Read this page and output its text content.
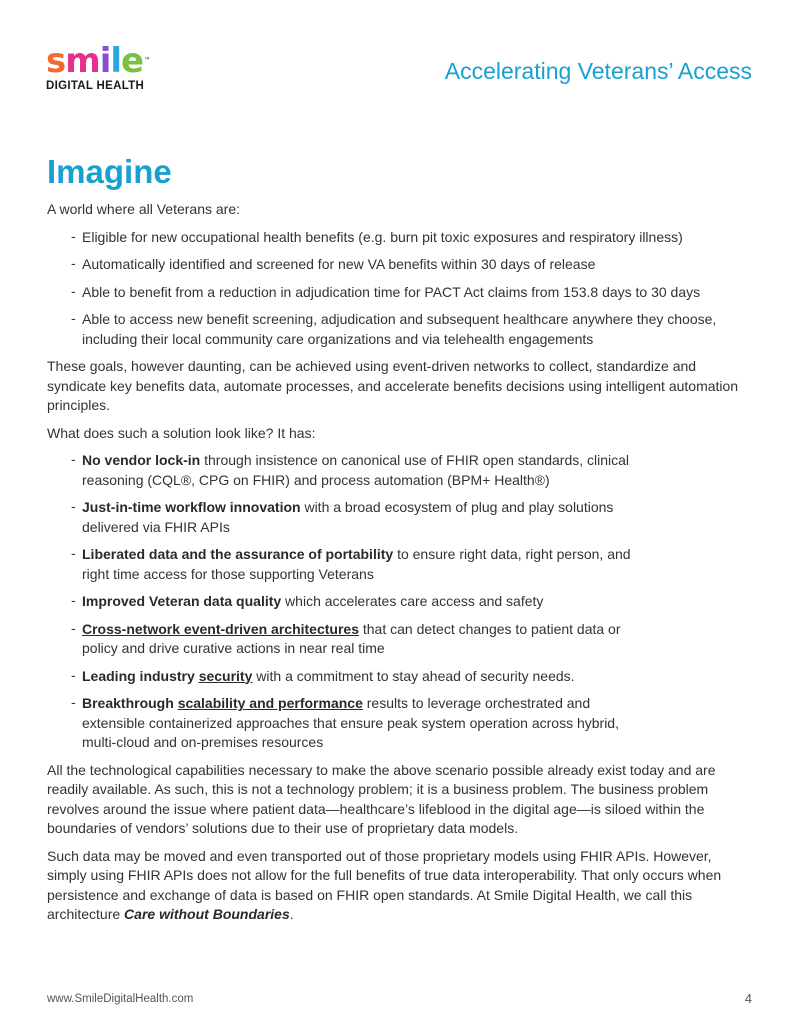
smile™
DIGITAL HEALTH
Accelerating Veterans’ Access
Imagine

A world where all Veterans are:

- Eligible for new occupational health benefits (e.g. burn pit toxic exposures and respiratory illness)
- Automatically identified and screened for new VA benefits within 30 days of release
- Able to benefit from a reduction in adjudication time for PACT Act claims from 153.8 days to 30 days
- Able to access new benefit screening, adjudication and subsequent healthcare anywhere they choose, including their local community care organizations and via telehealth engagements

These goals, however daunting, can be achieved using event-driven networks to collect, standardize and syndicate key benefits data, automate processes, and accelerate benefits decisions using intelligent automation principles.

What does such a solution look like? It has:

- No vendor lock-in through insistence on canonical use of FHIR open standards, clinical reasoning (CQL®, CPG on FHIR) and process automation (BPM+ Health®)
- Just-in-time workflow innovation with a broad ecosystem of plug and play solutions delivered via FHIR APIs
- Liberated data and the assurance of portability to ensure right data, right person, and right time access for those supporting Veterans
- Improved Veteran data quality which accelerates care access and safety
- Cross-network event-driven architectures that can detect changes to patient data or policy and drive curative actions in near real time
- Leading industry security with a commitment to stay ahead of security needs.
- Breakthrough scalability and performance results to leverage orchestrated and extensible containerized approaches that ensure peak system operation across hybrid, multi-cloud and on-premises resources

All the technological capabilities necessary to make the above scenario possible already exist today and are readily available. As such, this is not a technology problem; it is a business problem. The business problem revolves around the issue where patient data—healthcare’s lifeblood in the digital age—is siloed within the boundaries of vendors’ solutions due to their use of proprietary data models.

Such data may be moved and even transported out of those proprietary models using FHIR APIs. However, simply using FHIR APIs does not allow for the full benefits of true data interoperability. That only occurs when persistence and exchange of data is based on FHIR open standards. At Smile Digital Health, we call this architecture Care without Boundaries.

www.SmileDigitalHealth.com	4
